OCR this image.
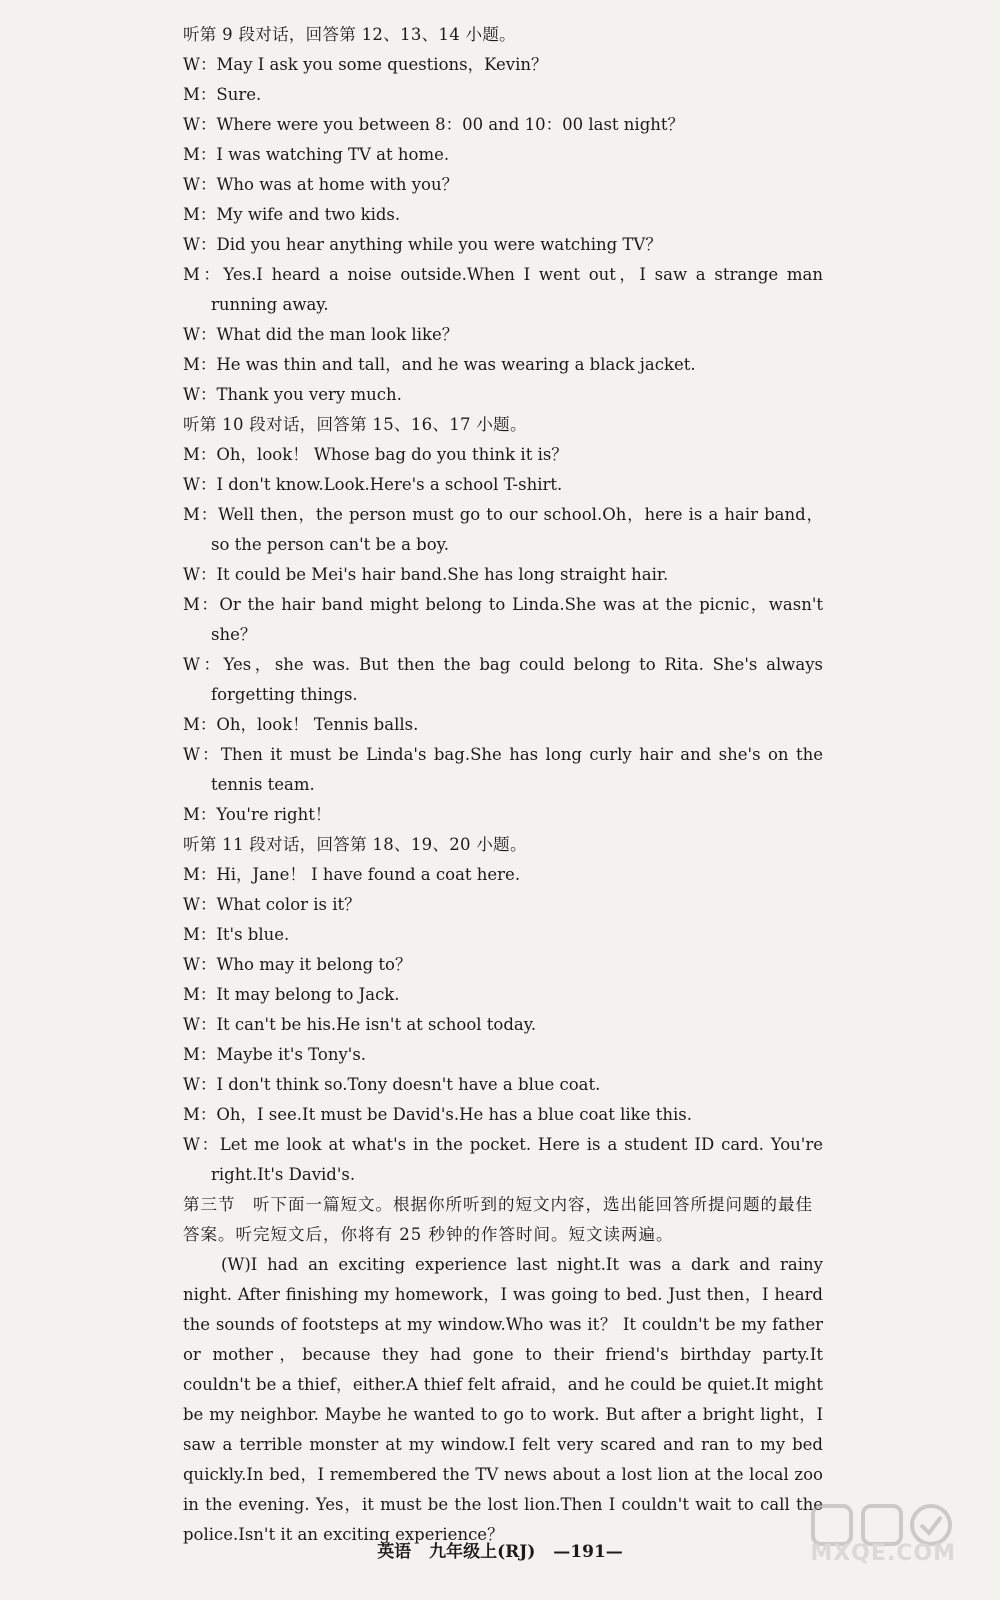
听第 9 段对话，回答第 12、13、14 小题。
W：May I ask you some questions，Kevin？
M：Sure.
W：Where were you between 8：00 and 10：00 last night？
M：I was watching TV at home.
W：Who was at home with you？
M：My wife and two kids.
W：Did you hear anything while you were watching TV？
M：Yes.I heard a noise outside.When I went out，I saw a strange man running away.
W：What did the man look like？
M：He was thin and tall，and he was wearing a black jacket.
W：Thank you very much.
听第 10 段对话，回答第 15、16、17 小题。
M：Oh，look！ Whose bag do you think it is？
W：I don't know.Look.Here's a school T-shirt.
M：Well then，the person must go to our school.Oh，here is a hair band，so the person can't be a boy.
W：It could be Mei's hair band.She has long straight hair.
M：Or the hair band might belong to Linda.She was at the picnic，wasn't she？
W：Yes，she was. But then the bag could belong to Rita. She's always forgetting things.
M：Oh，look！ Tennis balls.
W：Then it must be Linda's bag.She has long curly hair and she's on the tennis team.
M：You're right！
听第 11 段对话，回答第 18、19、20 小题。
M：Hi，Jane！ I have found a coat here.
W：What color is it？
M：It's blue.
W：Who may it belong to？
M：It may belong to Jack.
W：It can't be his.He isn't at school today.
M：Maybe it's Tony's.
W：I don't think so.Tony doesn't have a blue coat.
M：Oh，I see.It must be David's.He has a blue coat like this.
W：Let me look at what's in the pocket. Here is a student ID card. You're right.It's David's.
第三节　听下面一篇短文。根据你所听到的短文内容，选出能回答所提问题的最佳答案。听完短文后，你将有 25 秒钟的作答时间。短文读两遍。
(W)I had an exciting experience last night.It was a dark and rainy night. After finishing my homework，I was going to bed. Just then，I heard the sounds of footsteps at my window.Who was it？ It couldn't be my father or mother，because they had gone to their friend's birthday party.It couldn't be a thief，either.A thief felt afraid，and he could be quiet.It might be my neighbor. Maybe he wanted to go to work. But after a bright light，I saw a terrible monster at my window.I felt very scared and ran to my bed quickly.In bed，I remembered the TV news about a lost lion at the local zoo in the evening. Yes，it must be the lost lion.Then I couldn't wait to call the police.Isn't it an exciting experience？
英语 九年级上(RJ) —191—	MXQE.COM
